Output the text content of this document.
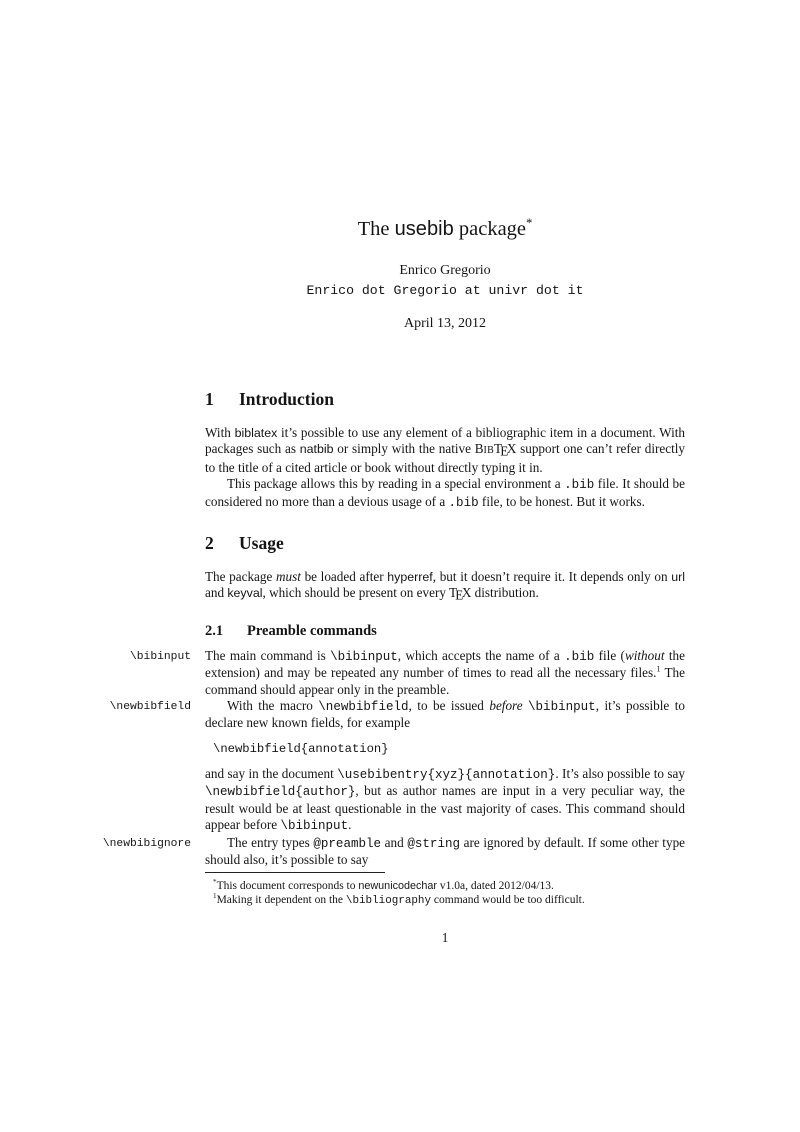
The usebib package*
Enrico Gregorio
Enrico dot Gregorio at univr dot it
April 13, 2012
1 Introduction

With biblatex it’s possible to use any element of a bibliographic item in a document. With packages such as natbib or simply with the native BIBTEX support one can’t refer directly to the title of a cited article or book without directly typing it in.

This package allows this by reading in a special environment a .bib file. It should be considered no more than a devious usage of a .bib file, to be honest. But it works.

2 Usage

The package must be loaded after hyperref, but it doesn’t require it. It depends only on url and keyval, which should be present on every TEX distribution.

2.1 Preamble commands
\bibinput The main command is \bibinput, which accepts the name of a .bib file (without the extension) and may be repeated any number of times to read all the necessary files.$^1$ The command should appear only in the preamble.

\newbibfield	With the macro \newbibfield, to be issued before \bibinput, it’s possible to declare new known fields, for example

\newbibfield{annotation}

and say in the document \usebibentry{xyz}{annotation}. It’s also possible to say \newbibfield{author}, but as author names are input in a very peculiar way, the result would be at least questionable in the vast majority of cases. This command should appear before \bibinput.

\newbibignore	The entry types @preamble and @string are ignored by default. If some other type should also, it’s possible to say

*This document corresponds to newunicodechar v1.0a, dated 2012/04/13.

$^1$Making it dependent on the \bibliography command would be too difficult.

1
